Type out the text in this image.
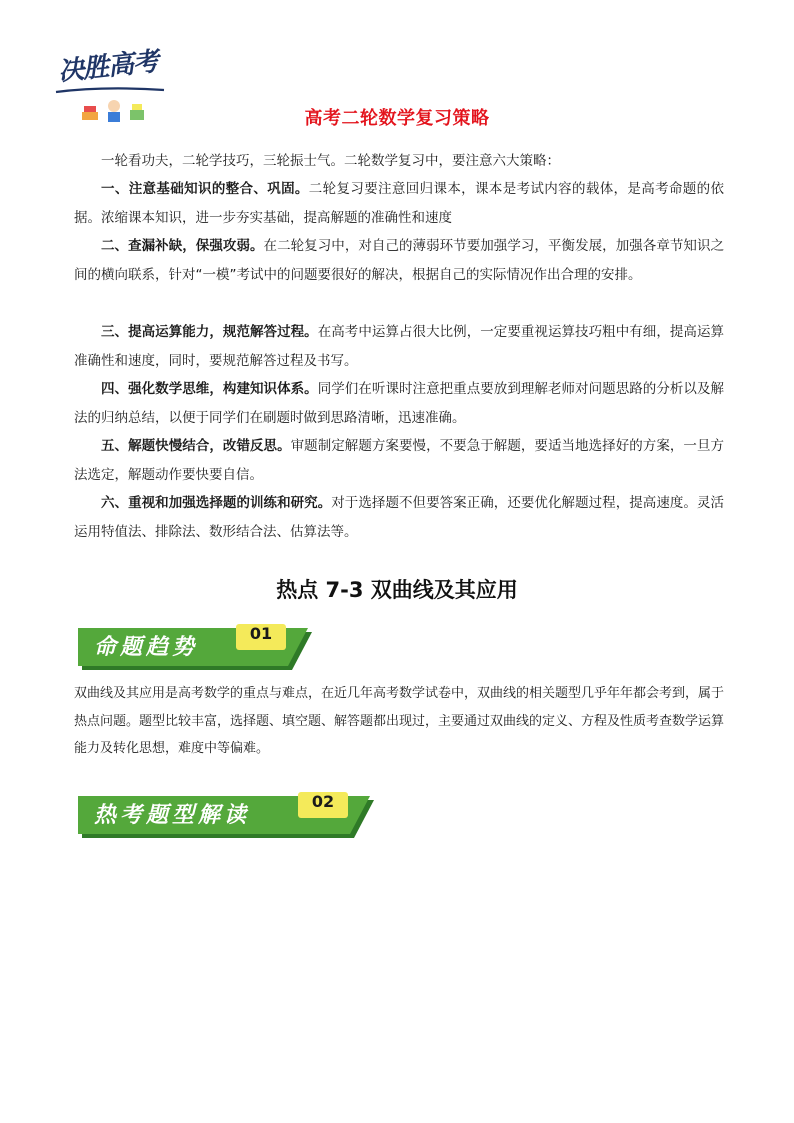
决胜高考
高考二轮数学复习策略

一轮看功夫，二轮学技巧，三轮振士气。二轮数学复习中，要注意六大策略：

一、注意基础知识的整合、巩固。二轮复习要注意回归课本，课本是考试内容的载体，是高考命题的依据。浓缩课本知识，进一步夯实基础，提高解题的准确性和速度

二、查漏补缺，保强攻弱。在二轮复习中，对自己的薄弱环节要加强学习，平衡发展，加强各章节知识之间的横向联系，针对“一模”考试中的问题要很好的解决，根据自己的实际情况作出合理的安排。

三、提高运算能力，规范解答过程。在高考中运算占很大比例，一定要重视运算技巧粗中有细，提高运算准确性和速度，同时，要规范解答过程及书写。

四、强化数学思维，构建知识体系。同学们在听课时注意把重点要放到理解老师对问题思路的分析以及解法的归纳总结，以便于同学们在刷题时做到思路清晰，迅速准确。

五、解题快慢结合，改错反思。审题制定解题方案要慢，不要急于解题，要适当地选择好的方案，一旦方法选定，解题动作要快要自信。

六、重视和加强选择题的训练和研究。对于选择题不但要答案正确，还要优化解题过程，提高速度。灵活运用特值法、排除法、数形结合法、估算法等。

热点 7-3 双曲线及其应用
命题趋势
01

双曲线及其应用是高考数学的重点与难点，在近几年高考数学试卷中，双曲线的相关题型几乎年年都会考到，属于热点问题。题型比较丰富，选择题、填空题、解答题都出现过，主要通过双曲线的定义、方程及性质考查数学运算能力及转化思想，难度中等偏难。

热考题型解读
02
